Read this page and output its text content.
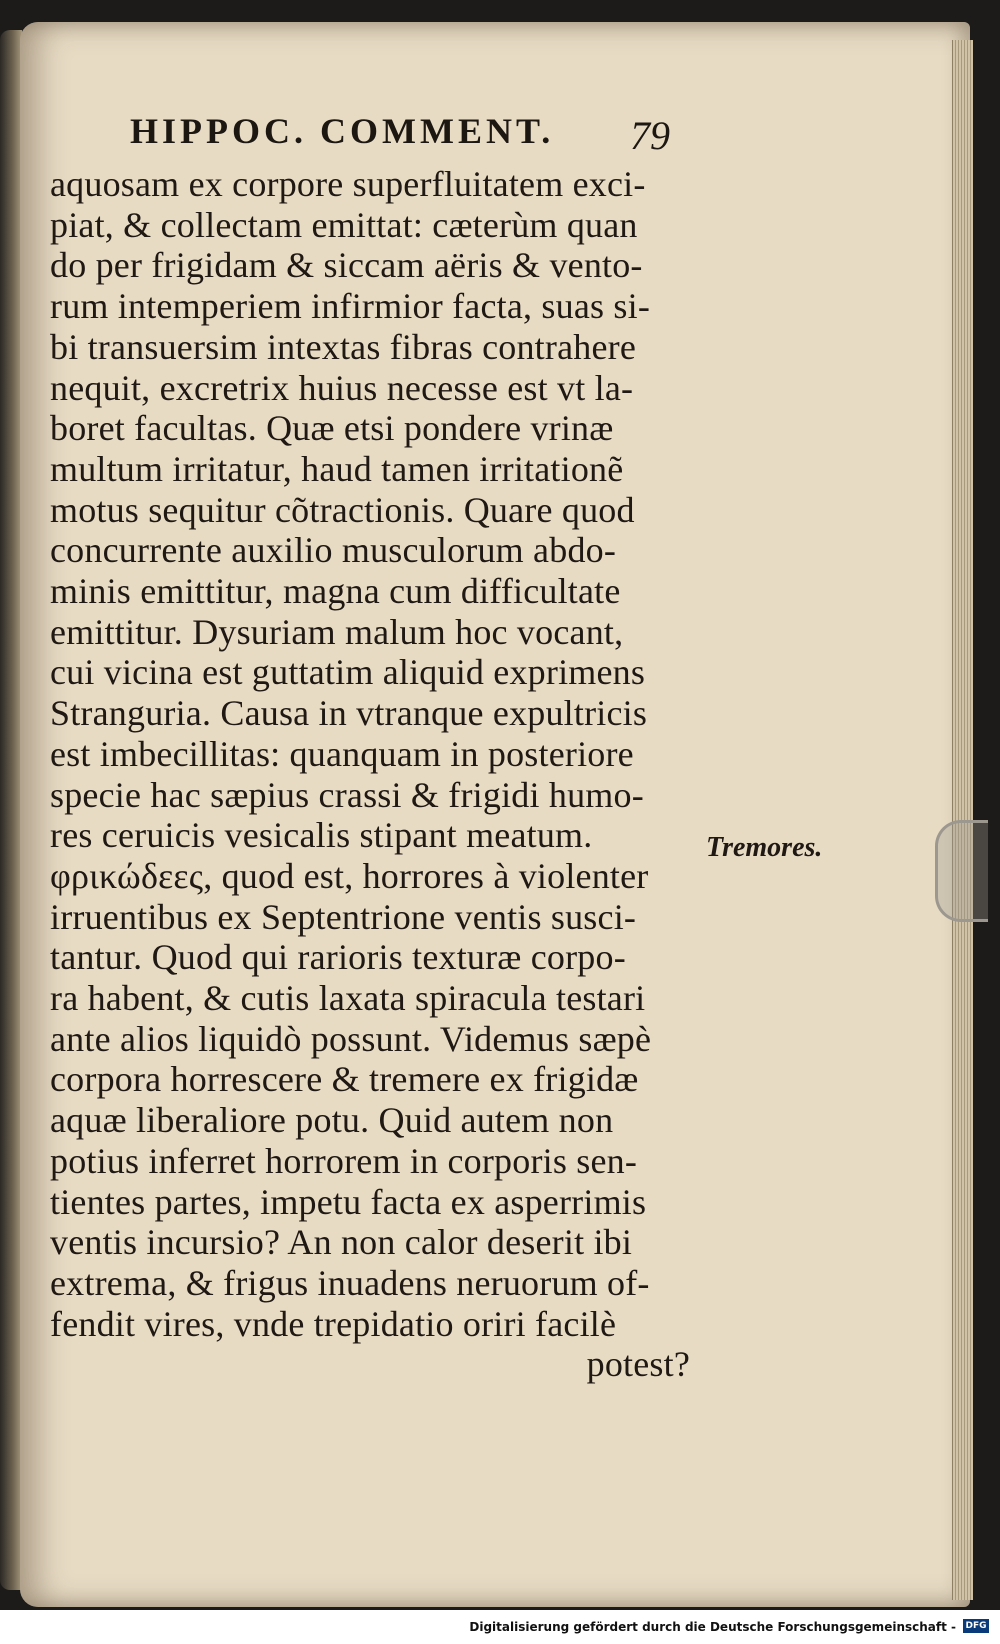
HIPPOC. COMMENT. 79
aquosam ex corpore superfluitatem exci-
piat, & collectam emittat: cæterùm quan
do per frigidam & siccam aëris & vento-
rum intemperiem infirmior facta, suas si-
bi transuersim intextas fibras contrahere
nequit, excretrix huius necesse est vt la-
boret facultas. Quæ etsi pondere vrinæ
multum irritatur, haud tamen irritationẽ
motus sequitur cõtractionis. Quare quod
concurrente auxilio musculorum abdo-
minis emittitur, magna cum difficultate
emittitur. Dysuriam malum hoc vocant,
cui vicina est guttatim aliquid exprimens
Stranguria. Causa in vtranque expultricis
est imbecillitas: quanquam in posteriore
specie hac sæpius crassi & frigidi humo-
res ceruicis vesicalis stipant meatum.
φρικώδεες, quod est, horrores à violenter
irruentibus ex Septentrione ventis susci-
tantur. Quod qui rarioris texturæ corpo-
ra habent, & cutis laxata spiracula testari
ante alios liquidò possunt. Videmus sæpè
corpora horrescere & tremere ex frigidæ
aquæ liberaliore potu. Quid autem non
potius inferret horrorem in corporis sen-
tientes partes, impetu facta ex asperrimis
ventis incursio? An non calor deserit ibi
extrema, & frigus inuadens neruorum of-
fendit vires, vnde trepidatio oriri facilè
potest?
Tremores.
Digitalisierung gefördert durch die Deutsche Forschungsgemeinschaft - DFG
